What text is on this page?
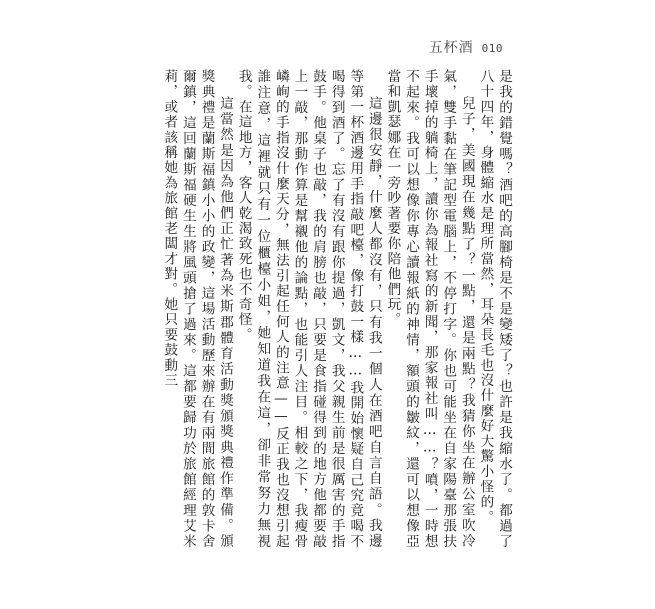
五杯酒 010

是我的錯覺嗎？酒吧的高腳椅是不是變矮了？也許是我縮水了。都過了八十四年，身體縮水是理所當然，耳朵長毛也沒什麼好大驚小怪的。

兒子，美國現在幾點了？一點，還是兩點？我猜你坐在辦公室吹冷氣，雙手黏在筆記型電腦上，不停打字。你也可能坐在自家陽臺那張扶手壞掉的躺椅上，讀你為報社寫的新聞，那家報社叫……？噴，一時想不起來。我可以想像你專心讀報紙的神情，額頭的皺紋，還可以想像亞當和凱瑟娜在一旁吵著要你陪他們玩。

這邊很安靜，什麼人都沒有，只有我一個人在酒吧自言自語。我邊等第一杯酒邊用手指敲吧檯，像打鼓一樣……我開始懷疑自己究竟喝不喝得到酒了。忘了有沒有跟你提過，凱文，我父親生前是很厲害的手指鼓手。他桌子也敲，我的肩膀也敲，只要是食指碰得到的地方他都要敲上一敲，那動作算是幫襯他的論點，也能引人注目。相較之下，我瘦骨嶙峋的手指沒什麼天分，無法引起任何人的注意——反正我也沒想引起誰注意，這裡就只有一位櫃檯小姐，她知道我在這，卻非常努力無視我。在這地方，客人乾渴致死也不奇怪。

這當然是因為他們正忙著為米斯郡體育活動獎頒獎典禮作準備。頒獎典禮是蘭斯福鎮小小的政變，這場活動歷來辦在有兩間旅館的敦卡舍爾鎮，這回蘭斯福硬生生將風頭搶了過來。這都要歸功於旅館經理艾米莉，或者該稱她為旅館老闆才對。她只要鼓動三
